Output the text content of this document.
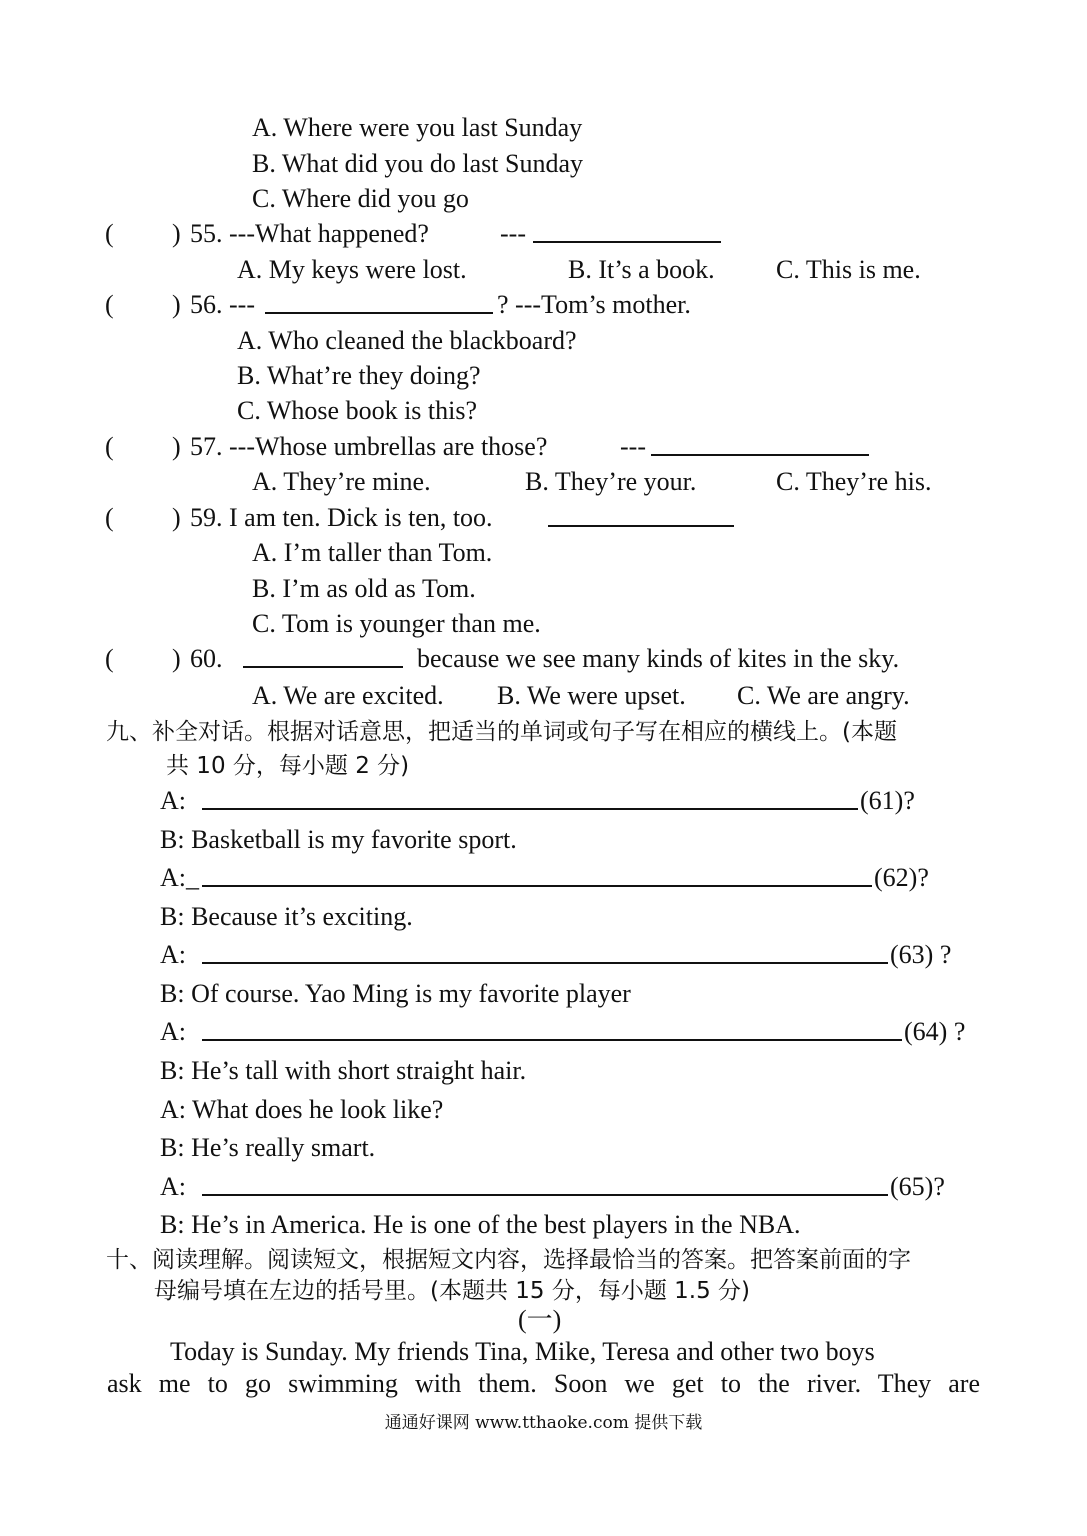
A. Where were you last Sunday
B. What did you do last Sunday
C. Where did you go
( ) 55. ---What happened?	---
A. My keys were lost.	B. It’s a book. C. This is me.
( ) 56. ---	? ---Tom’s mother.
A. Who cleaned the blackboard?
B. What’re they doing?
C. Whose book is this?
( ) 57. ---Whose umbrellas are those?	---
A. They’re mine.	B. They’re your.	C. They’re his.
( ) 59. I am ten. Dick is ten, too.
A. I’m taller than Tom.
B. I’m as old as Tom.
C. Tom is younger than me.
( ) 60.	because we see many kinds of kites in the sky.
A. We are excited. B. We were upset. C. We are angry.
九、补全对话。根据对话意思，把适当的单词或句子写在相应的横线上。(本题
共 10 分，每小题 2 分)
A:	(61)?
B: Basketball is my favorite sport.
A:_	(62)?
B: Because it’s exciting.
A:	(63) ?
B: Of course. Yao Ming is my favorite player
A:	(64) ?
B: He’s tall with short straight hair.
A: What does he look like?
B: He’s really smart.
A:	(65)?
B: He’s in America. He is one of the best players in the NBA.
十、阅读理解。阅读短文，根据短文内容，选择最恰当的答案。把答案前面的字
母编号填在左边的括号里。(本题共 15 分，每小题 1.5 分)
(一)
Today is Sunday. My friends Tina, Mike, Teresa and other two boys
ask me to go swimming with them. Soon we get to the river. They are
通通好课网 www.tthaoke.com 提供下载
